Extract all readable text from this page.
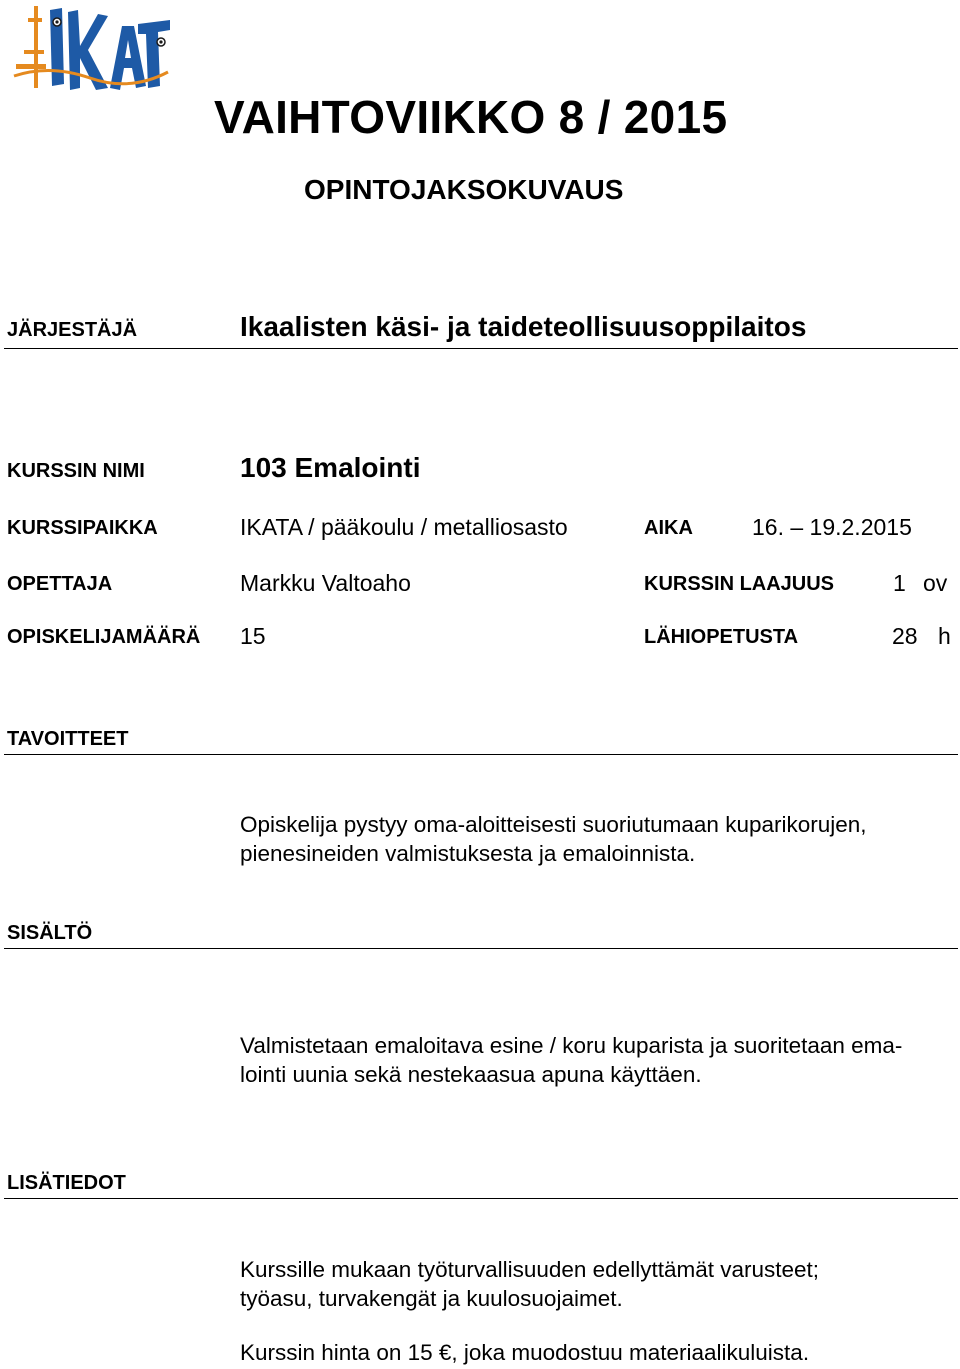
IKATA
VAIHTOVIIKKO 8 / 2015
OPINTOJAKSOKUVAUS
JÄRJESTÄJÄ	Ikaalisten käsi- ja taideteollisuusoppilaitos
KURSSIN NIMI	103 Emalointi
KURSSIPAIKKA	IKATA / pääkoulu / metalliosasto	AIKA	16. – 19.2.2015
OPETTAJA	Markku Valtoaho	KURSSIN LAAJUUS	1 ov
OPISKELIJAMÄÄRÄ 15	LÄHIOPETUSTA	28 h
TAVOITTEET
Opiskelija pystyy oma-aloitteisesti suoriutumaan kuparikorujen,
pienesineiden valmistuksesta ja emaloinnista.
SISÄLTÖ
Valmistetaan emaloitava esine / koru kuparista ja suoritetaan ema-
lointi uunia sekä nestekaasua apuna käyttäen.
LISÄTIEDOT
Kurssille mukaan työturvallisuuden edellyttämät varusteet;
työasu, turvakengät ja kuulosuojaimet.
Kurssin hinta on 15 €, joka muodostuu materiaalikuluista.
